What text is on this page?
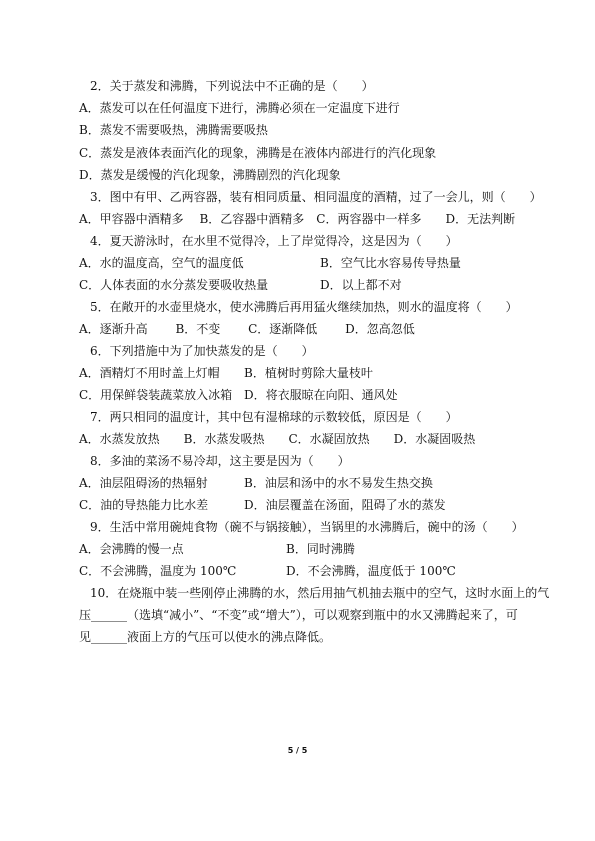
2．关于蒸发和沸腾，下列说法中不正确的是（　　）
A．蒸发可以在任何温度下进行，沸腾必须在一定温度下进行
B．蒸发不需要吸热，沸腾需要吸热
C．蒸发是液体表面汽化的现象，沸腾是在液体内部进行的汽化现象
D．蒸发是缓慢的汽化现象，沸腾剧烈的汽化现象
3．图中有甲、乙两容器，装有相同质量、相同温度的酒精，过了一会儿，则（　　）
A．甲容器中酒精多　 B．乙容器中酒精多　C．两容器中一样多　　D．无法判断
4．夏天游泳时，在水里不觉得冷，上了岸觉得冷，这是因为（　　）
A．水的温度高，空气的温度低	B．空气比水容易传导热量
C．人体表面的水分蒸发要吸收热量	D．以上都不对
5．在敞开的水壶里烧水，使水沸腾后再用猛火继续加热，则水的温度将（　　）
A．逐渐升高　　 B．不变　　 C．逐渐降低　　 D．忽高忽低
6．下列措施中为了加快蒸发的是（　　）
A．酒精灯不用时盖上灯帽 B．植树时剪除大量枝叶
C．用保鲜袋装蔬菜放入冰箱 D．将衣服晾在向阳、通风处
7．两只相同的温度计，其中包有湿棉球的示数较低，原因是（　　）
A．水蒸发放热　　B．水蒸发吸热　　C．水凝固放热　　D．水凝固吸热
8．多油的菜汤不易冷却，这主要是因为（　　）
A．油层阻碍汤的热辐射	B．油层和汤中的水不易发生热交换
C．油的导热能力比水差	D．油层覆盖在汤面，阻碍了水的蒸发
9．生活中常用碗炖食物（碗不与锅接触），当锅里的水沸腾后，碗中的汤（　　）
A．会沸腾的慢一点	B．同时沸腾
C．不会沸腾，温度为 100℃	D．不会沸腾，温度低于 100℃
10．在烧瓶中装一些刚停止沸腾的水，然后用抽气机抽去瓶中的空气，这时水面上的气
压______（选填“减小”、“不变”或“增大”），可以观察到瓶中的水又沸腾起来了，可
见______液面上方的气压可以使水的沸点降低。
5 / 5
